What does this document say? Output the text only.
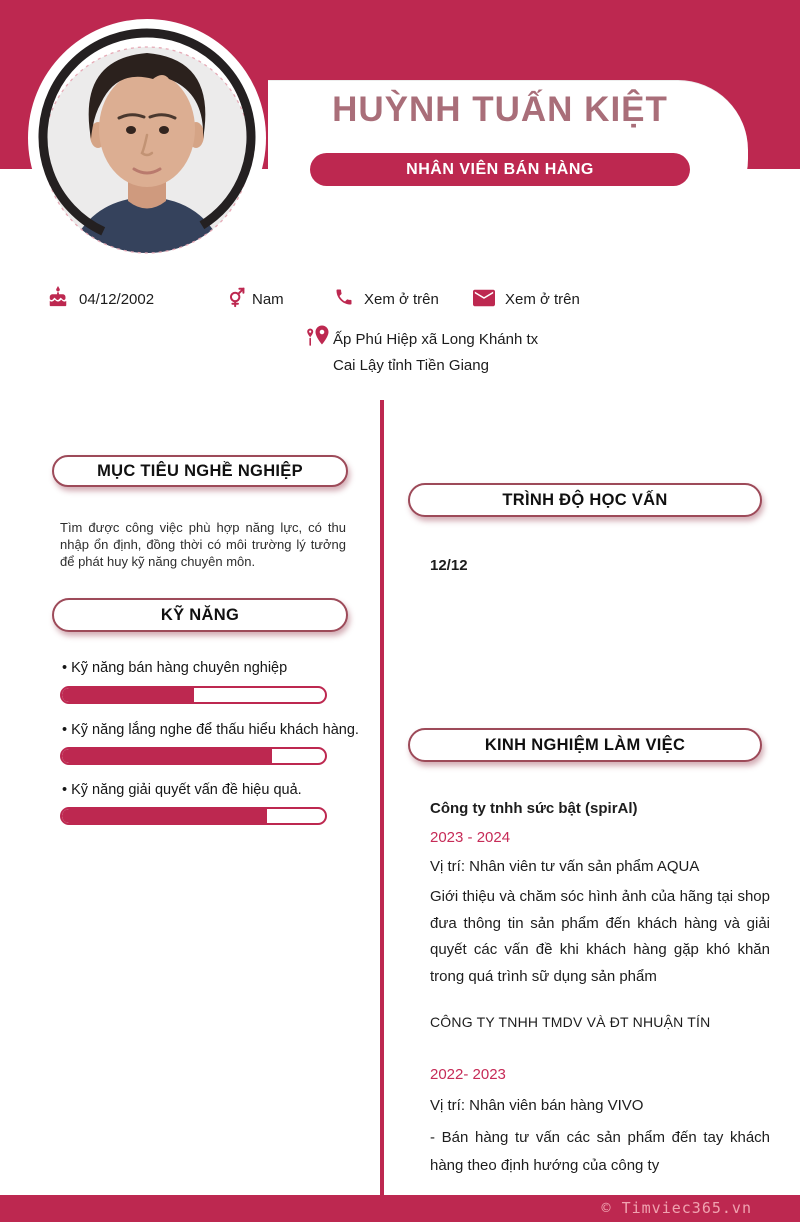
HUỲNH TUẤN KIỆT
NHÂN VIÊN BÁN HÀNG
04/12/2002	Nam	Xem ở trên	Xem ở trên
Ấp Phú Hiệp xã Long Khánh tx
Cai Lậy tỉnh Tiền Giang
MỤC TIÊU NGHỀ NGHIỆP

Tìm được công việc phù hợp năng lực, có thu nhập ổn định, đồng thời có môi trường lý tưởng để phát huy kỹ năng chuyên môn.

KỸ NĂNG
• Kỹ năng bán hàng chuyên nghiệp
• Kỹ năng lắng nghe để thấu hiểu khách hàng.
• Kỹ năng giải quyết vấn đề hiệu quả.
TRÌNH ĐỘ HỌC VẤN
12/12
KINH NGHIỆM LÀM VIỆC
Công ty tnhh sức bật (spirAl)
2023 - 2024
Vị trí: Nhân viên tư vấn sản phẩm AQUA
Giới thiệu và chăm sóc hình ảnh của hãng tại shop đưa thông tin sản phẩm đến khách hàng và giải quyết các vấn đề khi khách hàng gặp khó khăn trong quá trình sữ dụng sản phẩm
CÔNG TY TNHH TMDV VÀ ĐT NHUẬN TÍN
2022- 2023
Vị trí: Nhân viên bán hàng VIVO
- Bán hàng tư vấn các sản phẩm đến tay khách hàng theo định hướng của công ty
© Timviec365.vn
